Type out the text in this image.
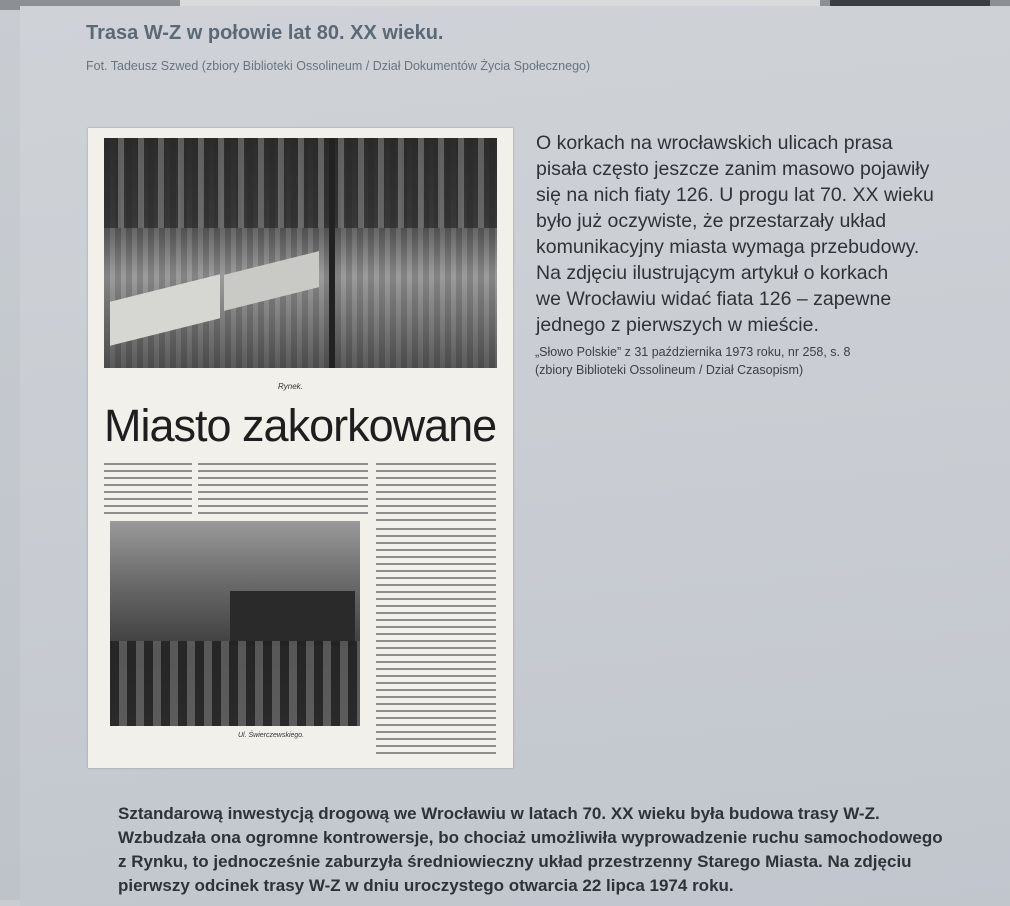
Trasa W-Z w połowie lat 80. XX wieku.
Fot. Tadeusz Szwed (zbiory Biblioteki Ossolineum / Dział Dokumentów Życia Społecznego)
Rynek.
Miasto zakorkowane
Ul. Świerczewskiego.

O korkach na wrocławskich ulicach prasa

pisała często jeszcze zanim masowo pojawiły

się na nich fiaty 126. U progu lat 70. XX wieku

było już oczywiste, że przestarzały układ

komunikacyjny miasta wymaga przebudowy.

Na zdjęciu ilustrującym artykuł o korkach

we Wrocławiu widać fiata 126 – zapewne

jednego z pierwszych w mieście.

„Słowo Polskie” z 31 października 1973 roku, nr 258, s. 8
(zbiory Biblioteki Ossolineum / Dział Czasopism)

Sztandarową inwestycją drogową we Wrocławiu w latach 70. XX wieku była budowa trasy W-Z.

Wzbudzała ona ogromne kontrowersje, bo chociaż umożliwiła wyprowadzenie ruchu samochodowego

z Rynku, to jednocześnie zaburzyła średniowieczny układ przestrzenny Starego Miasta. Na zdjęciu

pierwszy odcinek trasy W-Z w dniu uroczystego otwarcia 22 lipca 1974 roku.
